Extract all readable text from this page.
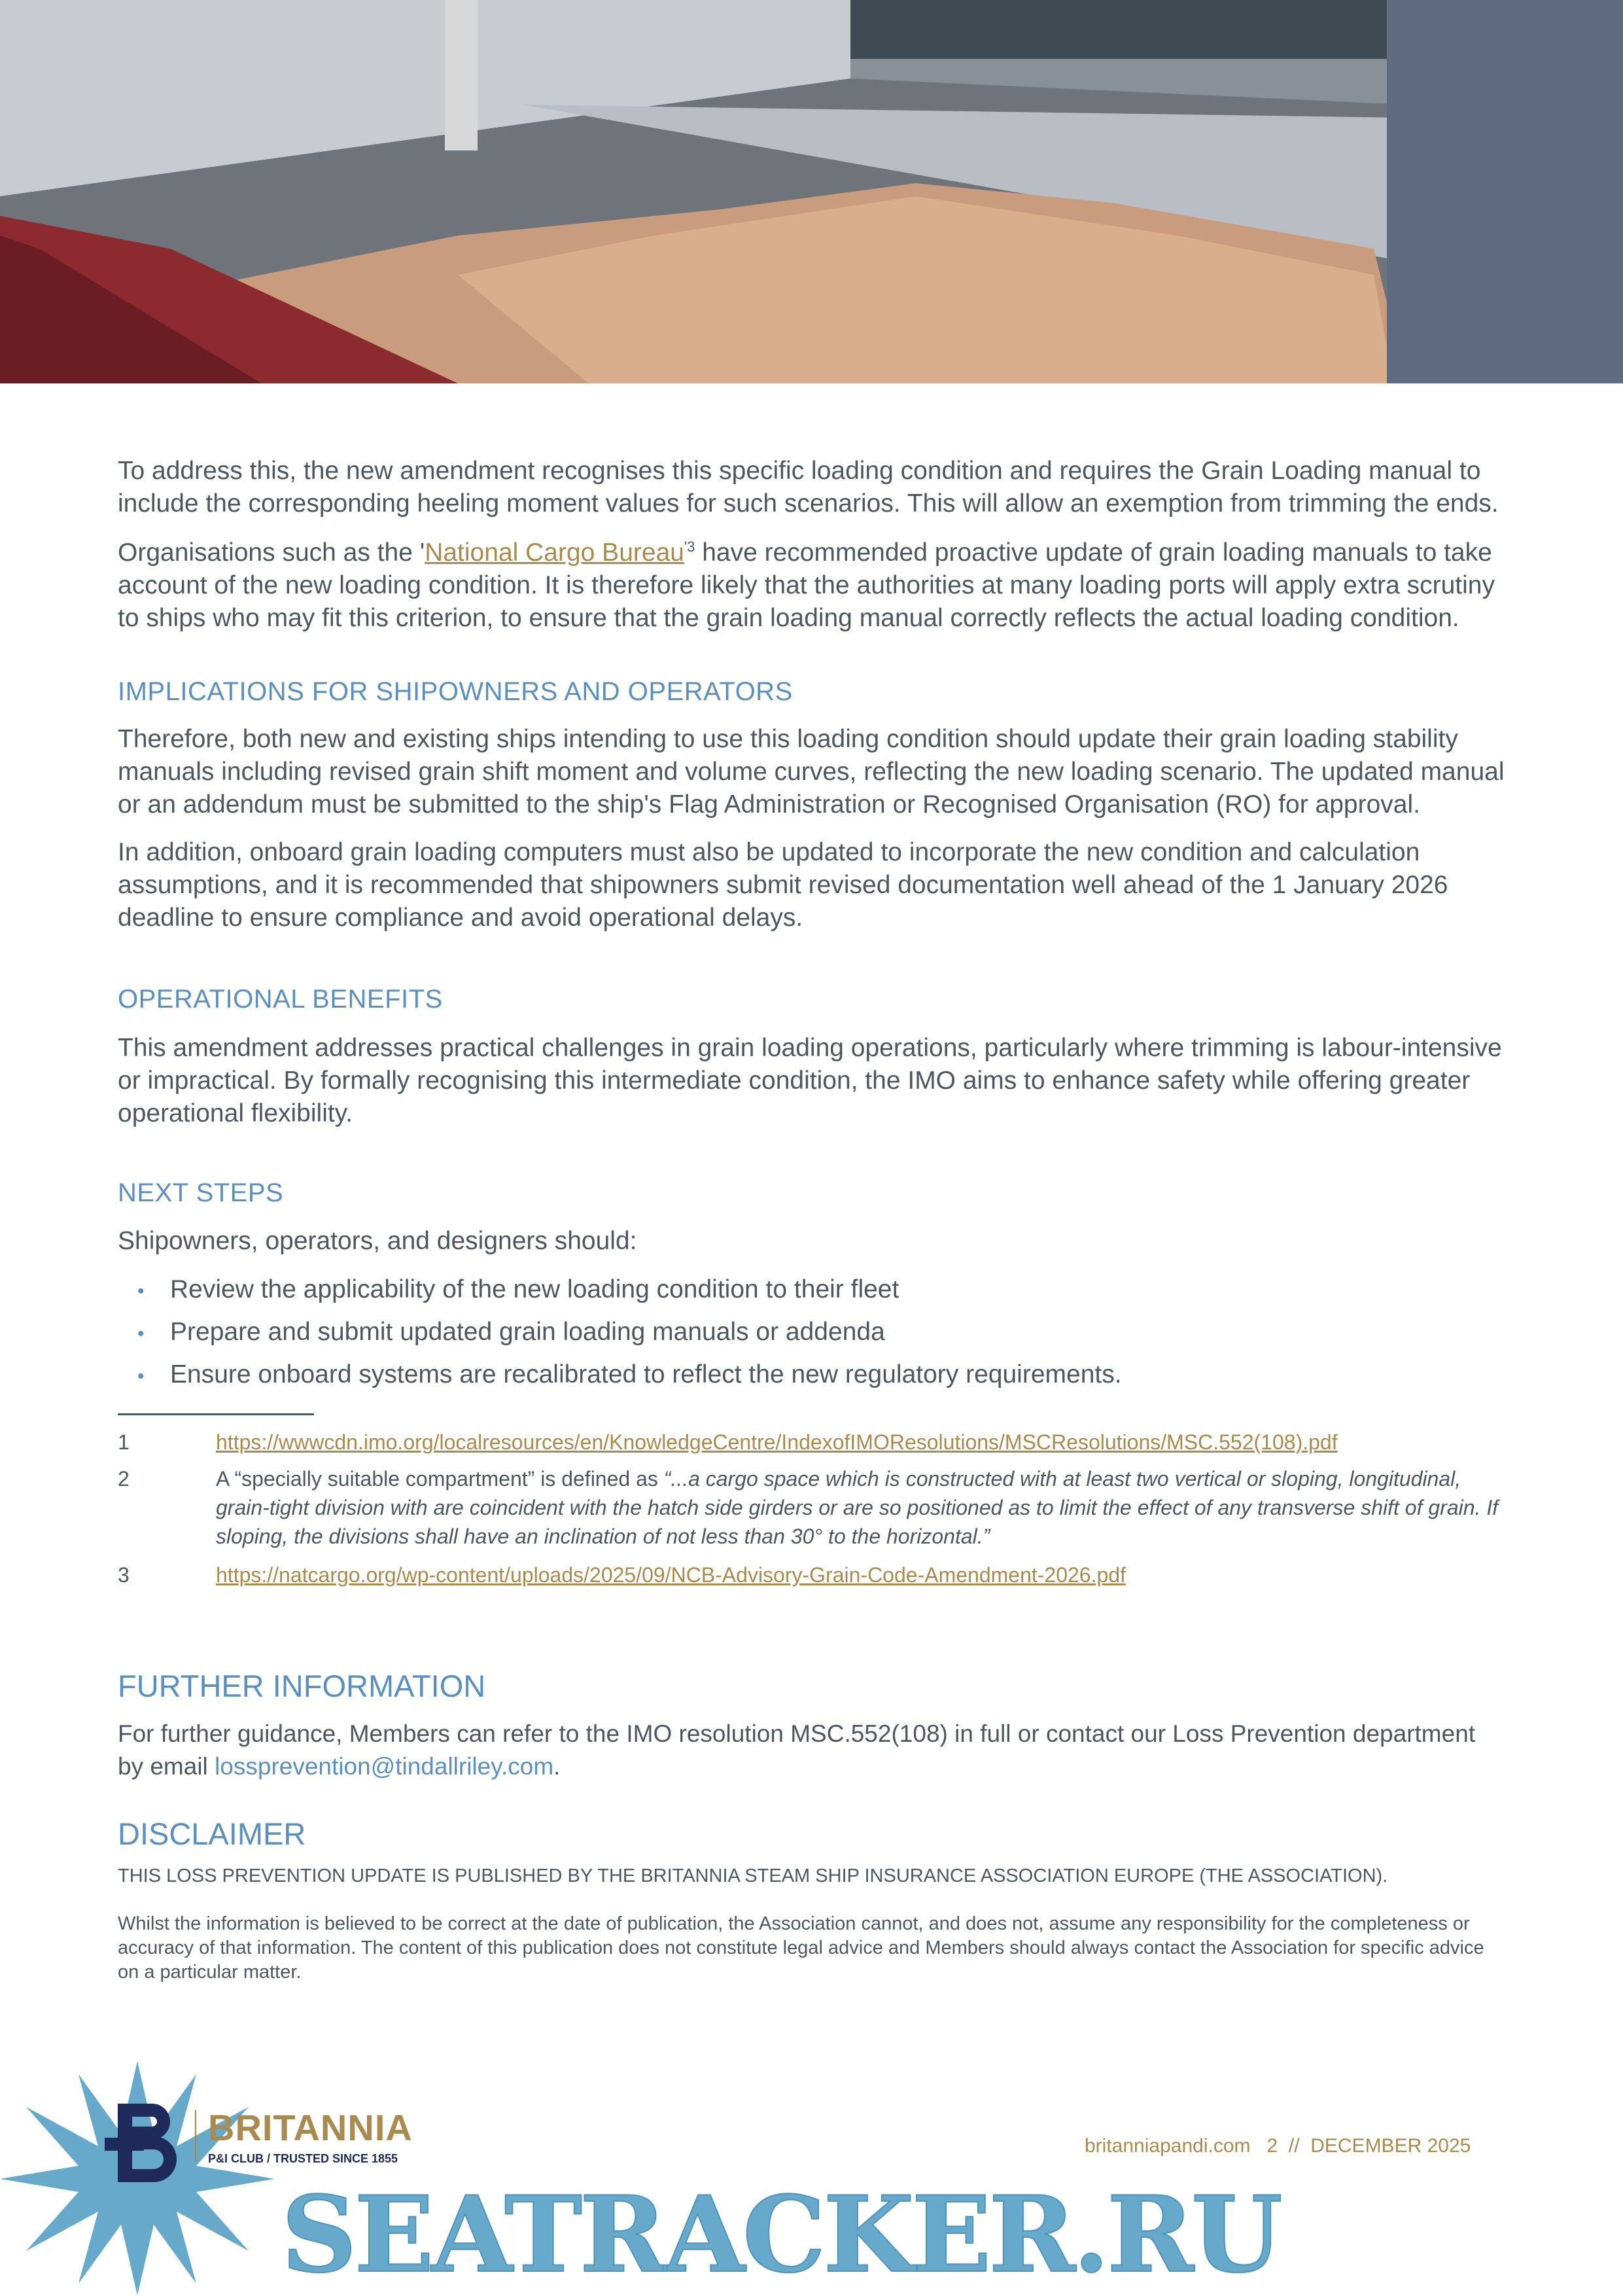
To address this, the new amendment recognises this specific loading condition and requires the Grain Loading manual to include the corresponding heeling moment values for such scenarios. This will allow an exemption from trimming the ends.

Organisations such as the 'National Cargo Bureau$^{'3}$ have recommended proactive update of grain loading manuals to take account of the new loading condition. It is therefore likely that the authorities at many loading ports will apply extra scrutiny to ships who may fit this criterion, to ensure that the grain loading manual correctly reflects the actual loading condition.

IMPLICATIONS FOR SHIPOWNERS AND OPERATORS

Therefore, both new and existing ships intending to use this loading condition should update their grain loading stability manuals including revised grain shift moment and volume curves, reflecting the new loading scenario. The updated manual or an addendum must be submitted to the ship's Flag Administration or Recognised Organisation (RO) for approval.

In addition, onboard grain loading computers must also be updated to incorporate the new condition and calculation assumptions, and it is recommended that shipowners submit revised documentation well ahead of the 1 January 2026 deadline to ensure compliance and avoid operational delays.

OPERATIONAL BENEFITS

This amendment addresses practical challenges in grain loading operations, particularly where trimming is labour-intensive or impractical. By formally recognising this intermediate condition, the IMO aims to enhance safety while offering greater operational flexibility.

NEXT STEPS

Shipowners, operators, and designers should:

• Review the applicability of the new loading condition to their fleet
• Prepare and submit updated grain loading manuals or addenda
• Ensure onboard systems are recalibrated to reflect the new regulatory requirements.
1	https://wwwcdn.imo.org/localresources/en/KnowledgeCentre/IndexofIMOResolutions/MSCResolutions/MSC.552(108).pdf
2	A “specially suitable compartment” is defined as “...a cargo space which is constructed with at least two vertical or sloping, longitudinal, grain-tight division with are coincident with the hatch side girders or are so positioned as to limit the effect of any transverse shift of grain. If sloping, the divisions shall have an inclination of not less than 30° to the horizontal.”
3	https://natcargo.org/wp-content/uploads/2025/09/NCB-Advisory-Grain-Code-Amendment-2026.pdf
FURTHER INFORMATION

For further guidance, Members can refer to the IMO resolution MSC.552(108) in full or contact our Loss Prevention department by email lossprevention@tindallriley.com.

DISCLAIMER

THIS LOSS PREVENTION UPDATE IS PUBLISHED BY THE BRITANNIA STEAM SHIP INSURANCE ASSOCIATION EUROPE (THE ASSOCIATION).

Whilst the information is believed to be correct at the date of publication, the Association cannot, and does not, assume any responsibility for the completeness or accuracy of that information. The content of this publication does not constitute legal advice and Members should always contact the Association for specific advice on a particular matter.

BRITANNIA
P&I CLUB / TRUSTED SINCE 1855
britanniapandi.com 2 // DECEMBER 2025
SEATRACKER.RU
